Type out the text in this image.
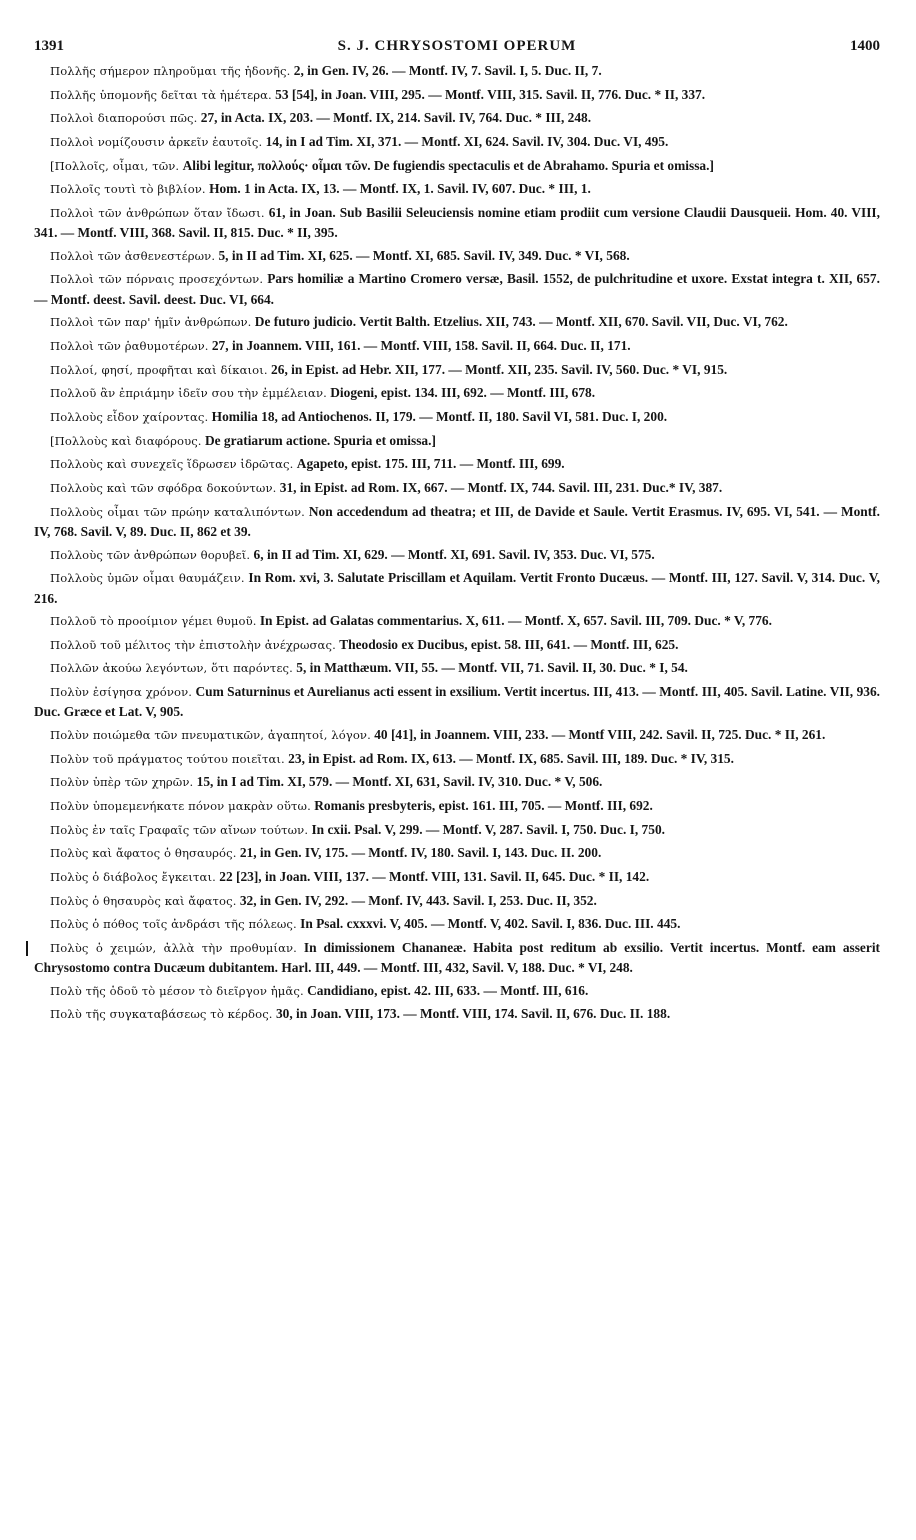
1391	S. J. CHRYSOSTOMI OPERUM	1400

Πολλῆς σήμερον πληροῦμαι τῆς ἡδονῆς. 2, in Gen. IV, 26. — Montf. IV, 7. Savil. I, 5. Duc. II, 7.

Πολλῆς ὑπομονῆς δεῖται τὰ ἡμέτερα. 53 [54], in Joan. VIII, 295. — Montf. VIII, 315. Savil. II, 776. Duc. * II, 337.

Πολλοὶ διαπορούσι πῶς. 27, in Acta. IX, 203. — Montf. IX, 214. Savil. IV, 764. Duc. * III, 248.

Πολλοὶ νομίζουσιν ἀρκεῖν ἑαυτοῖς. 14, in I ad Tim. XI, 371. — Montf. XI, 624. Savil. IV, 304. Duc. VI, 495.

[Πολλοῖς, οἶμαι, τῶν. Alibi legitur, πολλούς· οἶμαι τῶν. De fugiendis spectaculis et de Abrahamo. Spuria et omissa.]

Πολλοῖς τουτὶ τὸ βιβλίον. Hom. 1 in Acta. IX, 13. — Montf. IX, 1. Savil. IV, 607. Duc. * III, 1.

Πολλοὶ τῶν ἀνθρώπων ὅταν ἴδωσι. 61, in Joan. Sub Basilii Seleuciensis nomine etiam prodiit cum versione Claudii Dausqueii. Hom. 40. VIII, 341. — Montf. VIII, 368. Savil. II, 815. Duc. * II, 395.

Πολλοὶ τῶν ἀσθενεστέρων. 5, in II ad Tim. XI, 625. — Montf. XI, 685. Savil. IV, 349. Duc. * VI, 568.

Πολλοὶ τῶν πόρναις προσεχόντων. Pars homiliæ a Martino Cromero versæ, Basil. 1552, de pulchritudine et uxore. Exstat integra t. XII, 657. — Montf. deest. Savil. deest. Duc. VI, 664.

Πολλοὶ τῶν παρ' ἡμῖν ἀνθρώπων. De futuro judicio. Vertit Balth. Etzelius. XII, 743. — Montf. XII, 670. Savil. VII, Duc. VI, 762.

Πολλοὶ τῶν ῥαθυμοτέρων. 27, in Joannem. VIII, 161. — Montf. VIII, 158. Savil. II, 664. Duc. II, 171.

Πολλοί, φησί, προφῆται καὶ δίκαιοι. 26, in Epist. ad Hebr. XII, 177. — Montf. XII, 235. Savil. IV, 560. Duc. * VI, 915.

Πολλοῦ ἂν ἐπριάμην ἰδεῖν σου τὴν ἐμμέλειαν. Diogeni, epist. 134. III, 692. — Montf. III, 678.

Πολλοὺς εἶδον χαίροντας. Homilia 18, ad Antiochenos. II, 179. — Montf. II, 180. Savil VI, 581. Duc. I, 200.

[Πολλοὺς καὶ διαφόρους. De gratiarum actione. Spuria et omissa.]

Πολλοὺς καὶ συνεχεῖς ἵδρωσεν ἱδρῶτας. Agapeto, epist. 175. III, 711. — Montf. III, 699.

Πολλοὺς καὶ τῶν σφόδρα δοκούντων. 31, in Epist. ad Rom. IX, 667. — Montf. IX, 744. Savil. III, 231. Duc.* IV, 387.

Πολλοὺς οἶμαι τῶν πρώην καταλιπόντων. Non accedendum ad theatra; et III, de Davide et Saule. Vertit Erasmus. IV, 695. VI, 541. — Montf. IV, 768. Savil. V, 89. Duc. II, 862 et 39.

Πολλοὺς τῶν ἀνθρώπων θορυβεῖ. 6, in II ad Tim. XI, 629. — Montf. XI, 691. Savil. IV, 353. Duc. VI, 575.

Πολλοὺς ὑμῶν οἶμαι θαυμάζειν. In Rom. xvi, 3. Salutate Priscillam et Aquilam. Vertit Fronto Ducæus. — Montf. III, 127. Savil. V, 314. Duc. V, 216.

Πολλοῦ τὸ προοίμιον γέμει θυμοῦ. In Epist. ad Galatas commentarius. X, 611. — Montf. X, 657. Savil. III, 709. Duc. * V, 776.

Πολλοῦ τοῦ μέλιτος τὴν ἐπιστολὴν ἀνέχρωσας. Theodosio ex Ducibus, epist. 58. III, 641. — Montf. III, 625.

Πολλῶν ἀκούω λεγόντων, ὅτι παρόντες. 5, in Matthæum. VII, 55. — Montf. VII, 71. Savil. II, 30. Duc. * I, 54.

Πολὺν ἐσίγησα χρόνον. Cum Saturninus et Aurelianus acti essent in exsilium. Vertit incertus. III, 413. — Montf. III, 405. Savil. Latine. VII, 936. Duc. Græce et Lat. V, 905.

Πολὺν ποιώμεθα τῶν πνευματικῶν, ἀγαπητοί, λόγον. 40 [41], in Joannem. VIII, 233. — Montf VIII, 242. Savil. II, 725. Duc. * II, 261.

Πολὺν τοῦ πράγματος τούτου ποιεῖται. 23, in Epist. ad Rom. IX, 613. — Montf. IX, 685. Savil. III, 189. Duc. * IV, 315.

Πολὺν ὑπὲρ τῶν χηρῶν. 15, in I ad Tim. XI, 579. — Montf. XI, 631, Savil. IV, 310. Duc. * V, 506.

Πολὺν ὑπομεμενήκατε πόνον μακρὰν οὕτω. Romanis presbyteris, epist. 161. III, 705. — Montf. III, 692.

Πολὺς ἐν ταῖς Γραφαῖς τῶν αἴνων τούτων. In cxii. Psal. V, 299. — Montf. V, 287. Savil. I, 750. Duc. I, 750.

Πολὺς καὶ ἄφατος ὁ θησαυρός. 21, in Gen. IV, 175. — Montf. IV, 180. Savil. I, 143. Duc. II. 200.

Πολὺς ὁ διάβολος ἔγκειται. 22 [23], in Joan. VIII, 137. — Montf. VIII, 131. Savil. II, 645. Duc. * II, 142.

Πολὺς ὁ θησαυρὸς καὶ ἄφατος. 32, in Gen. IV, 292. — Monf. IV, 443. Savil. I, 253. Duc. II, 352.

Πολὺς ὁ πόθος τοῖς ἀνδράσι τῆς πόλεως. In Psal. cxxxvi. V, 405. — Montf. V, 402. Savil. I, 836. Duc. III. 445.

Πολὺς ὁ χειμών, ἀλλὰ τὴν προθυμίαν. In dimissionem Chananeæ. Habita post reditum ab exsilio. Vertit incertus. Montf. eam asserit Chrysostomo contra Ducæum dubitantem. Harl. III, 449. — Montf. III, 432, Savil. V, 188. Duc. * VI, 248.

Πολὺ τῆς ὁδοῦ τὸ μέσον τὸ διεῖργον ἡμᾶς. Candidiano, epist. 42. III, 633. — Montf. III, 616.

Πολὺ τῆς συγκαταβάσεως τὸ κέρδος. 30, in Joan. VIII, 173. — Montf. VIII, 174. Savil. II, 676. Duc. II. 188.
